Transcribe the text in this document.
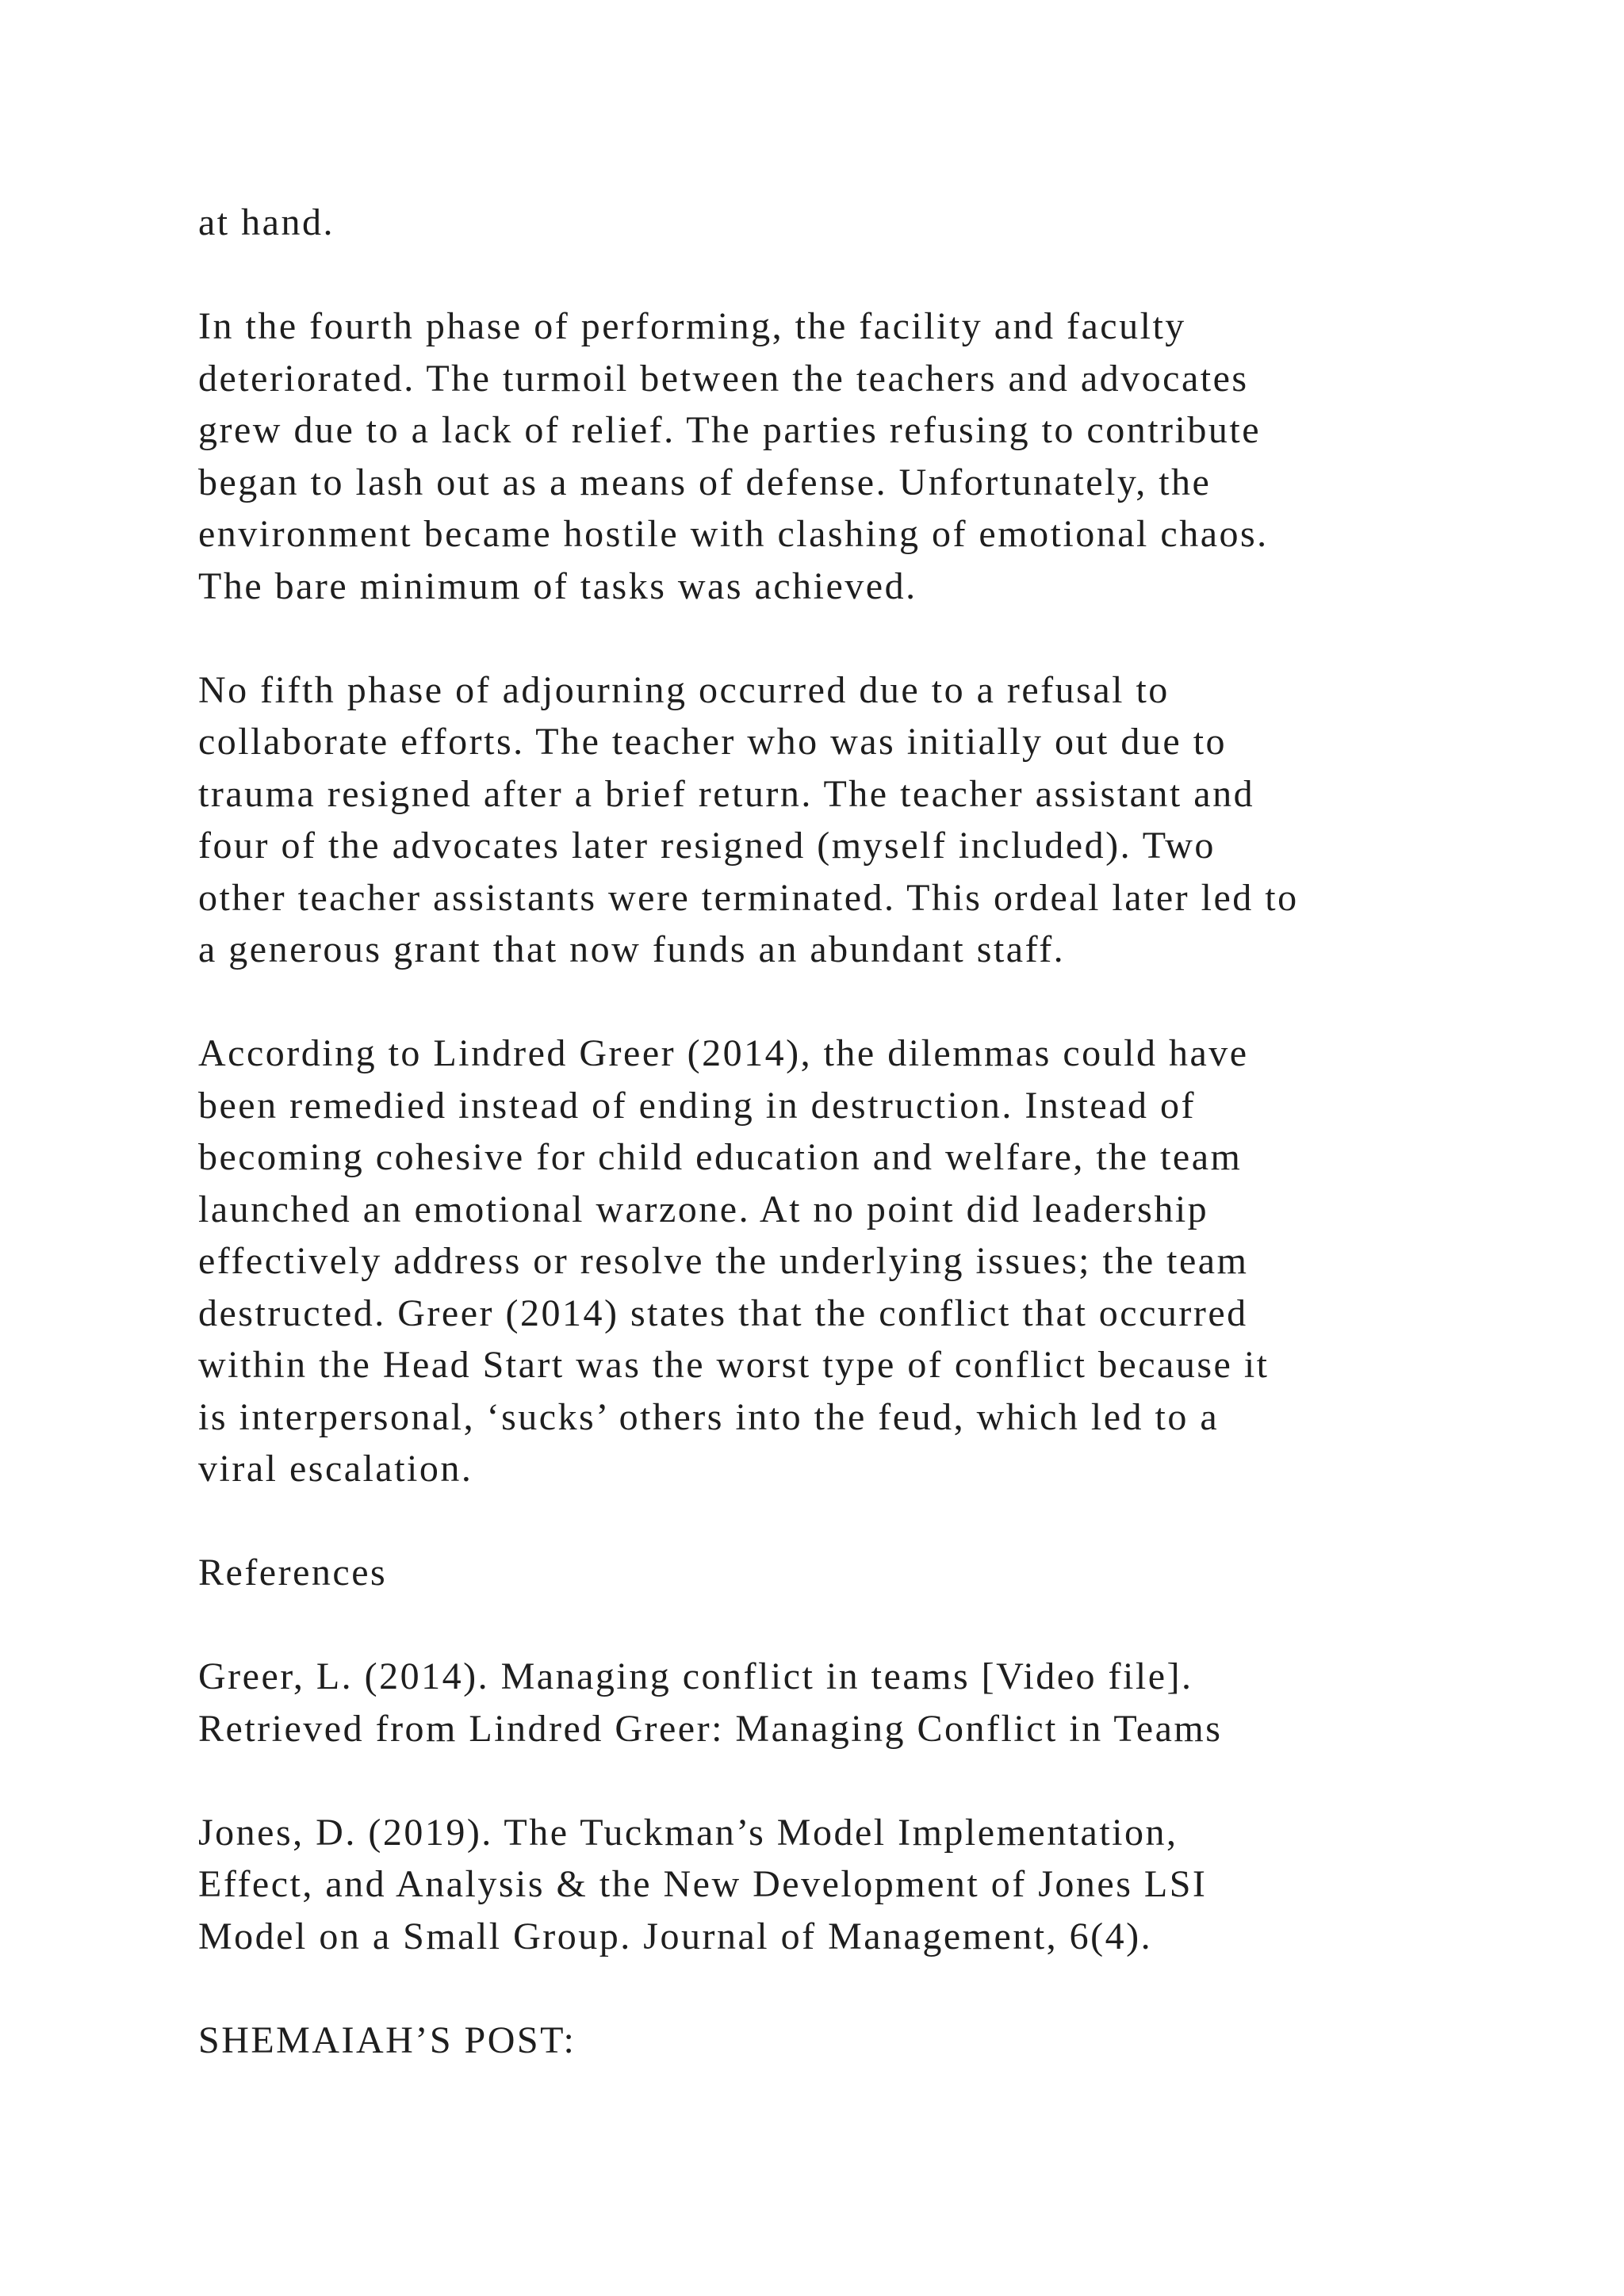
at hand.

In the fourth phase of performing, the facility and faculty
deteriorated. The turmoil between the teachers and advocates
grew due to a lack of relief. The parties refusing to contribute
began to lash out as a means of defense. Unfortunately, the
environment became hostile with clashing of emotional chaos.
The bare minimum of tasks was achieved.

No fifth phase of adjourning occurred due to a refusal to
collaborate efforts. The teacher who was initially out due to
trauma resigned after a brief return. The teacher assistant and
four of the advocates later resigned (myself included). Two
other teacher assistants were terminated. This ordeal later led to
a generous grant that now funds an abundant staff.

According to Lindred Greer (2014), the dilemmas could have
been remedied instead of ending in destruction. Instead of
becoming cohesive for child education and welfare, the team
launched an emotional warzone. At no point did leadership
effectively address or resolve the underlying issues; the team
destructed. Greer (2014) states that the conflict that occurred
within the Head Start was the worst type of conflict because it
is interpersonal, ‘sucks’ others into the feud, which led to a
viral escalation.

References

Greer, L. (2014). Managing conflict in teams [Video file].
Retrieved from Lindred Greer: Managing Conflict in Teams

Jones, D. (2019). The Tuckman’s Model Implementation,
Effect, and Analysis & the New Development of Jones LSI
Model on a Small Group. Journal of Management, 6(4).

SHEMAIAH’S POST:
